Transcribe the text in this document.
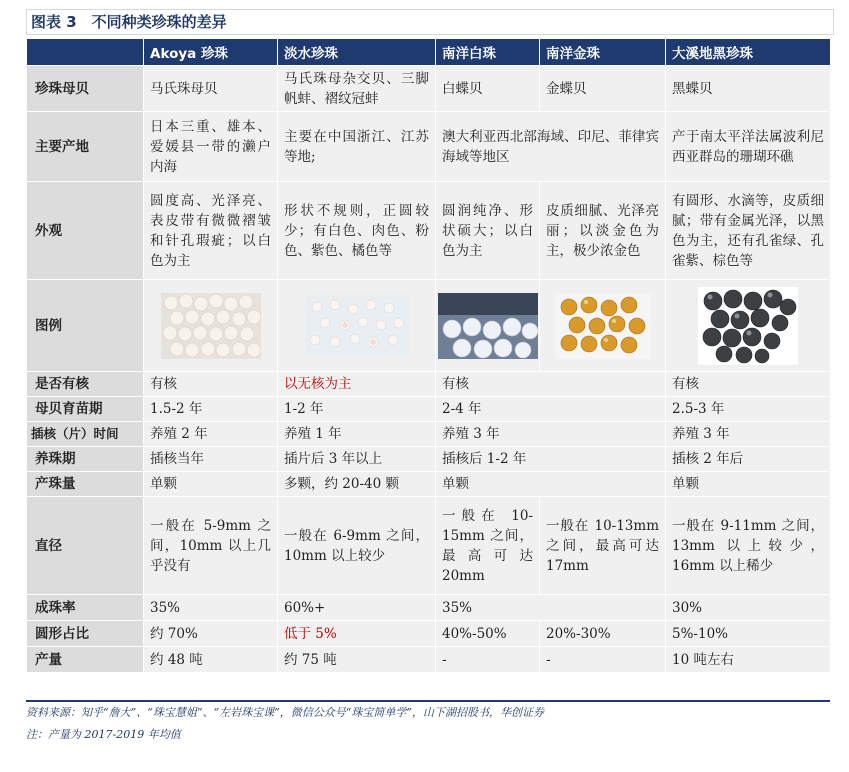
图表 3　不同种类珍珠的差异
	Akoya 珍珠	淡水珍珠	南洋白珠	南洋金珠	大溪地黑珍珠
珍珠母贝	马氏珠母贝	马氏珠母杂交贝、三脚帆蚌、褶纹冠蚌	白蝶贝	金蝶贝	黑蝶贝
主要产地	日本三重、雄本、爱媛县一带的濑户内海	主要在中国浙江、江苏等地;	澳大利亚西北部海域、印尼、菲律宾海域等地区		产于南太平洋法属波利尼西亚群岛的珊瑚环礁
外观	圆度高、光泽亮、表皮带有微微褶皱和针孔瑕疵；以白色为主	形状不规则，正圆较少；有白色、肉色、粉色、紫色、橘色等	圆润纯净、形状硕大；以白色为主	皮质细腻、光泽亮丽；以淡金色为主，极少浓金色	有圆形、水滴等，皮质细腻；带有金属光泽，以黑色为主，还有孔雀绿、孔雀紫、棕色等
图例					
是否有核	有核	以无核为主	有核		有核
母贝育苗期	1.5-2 年	1-2 年	2-4 年		2.5-3 年
插核（片）时间	养殖 2 年	养殖 1 年	养殖 3 年		养殖 3 年
养珠期	插核当年	插片后 3 年以上	插核后 1-2 年		插核 2 年后
产珠量	单颗	多颗，约 20-40 颗	单颗		单颗
直径	一般在 5-9mm 之间，10mm 以上几乎没有	一般在 6-9mm 之间，10mm 以上较少	一般在 10-15mm 之间，最高可达 20mm	一般在 10-13mm 之间，最高可达 17mm	一般在 9-11mm 之间，13mm 以上较少，16mm 以上稀少
成珠率	35%	60%+	35%		30%
圆形占比	约 70%	低于 5%	40%-50%	20%-30%	5%-10%
产量	约 48 吨	约 75 吨	-	-	10 吨左右
资料来源：知乎“詹大”、“珠宝慧姐”、“左岩珠宝课”，微信公众号“珠宝简单学”，山下湖招股书，华创证券
注：产量为 2017-2019 年均值
